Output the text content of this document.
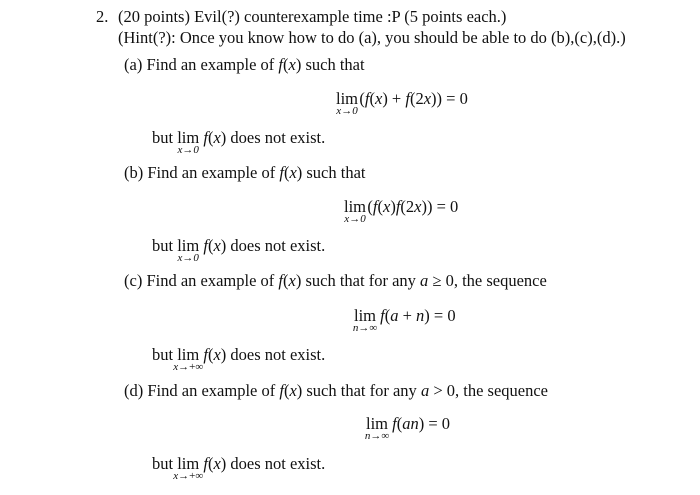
2. (20 points) Evil(?) counterexample time :P (5 points each.)
(Hint(?): Once you know how to do (a), you should be able to do (b),(c),(d).)
(a) Find an example of f(x) such that
lim
x→0
 (f(x) + f(2x)) = 0
but lim
x→0
f(x) does not exist.
(b) Find an example of f(x) such that
lim
x→0
 (f(x)f(2x)) = 0
but lim
x→0
f(x) does not exist.
(c) Find an example of f(x) such that for any a ≥ 0, the sequence
lim
n→∞
f(a + n) = 0
but lim
x→+∞
f(x) does not exist.
(d) Find an example of f(x) such that for any a > 0, the sequence
lim
n→∞
f(an) = 0
but lim
x→+∞
f(x) does not exist.
